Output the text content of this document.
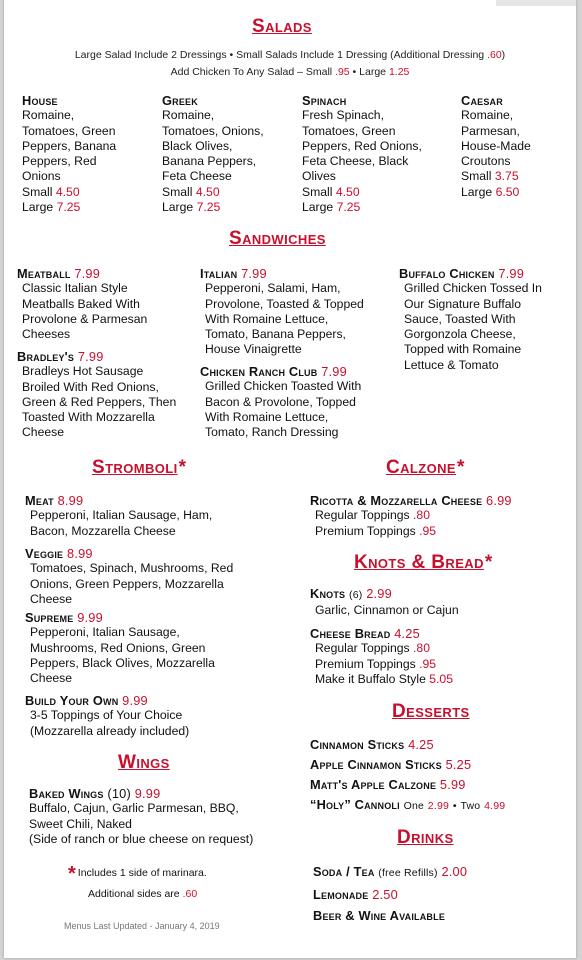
Salads
Large Salad Include 2 Dressings • Small Salads Include 1 Dressing (Additional Dressing .60)
Add Chicken To Any Salad – Small .95 • Large 1.25
House
Romaine,
Tomatoes, Green
Peppers, Banana
Peppers, Red
Onions
Small 4.50
Large 7.25
Greek
Romaine,
Tomatoes, Onions,
Black Olives,
Banana Peppers,
Feta Cheese
Small 4.50
Large 7.25
Spinach
Fresh Spinach,
Tomatoes, Green
Peppers, Red Onions,
Feta Cheese, Black
Olives
Small 4.50
Large 7.25
Caesar
Romaine,
Parmesan,
House-Made
Croutons
Small 3.75
Large 6.50
Sandwiches
Meatball 7.99
Classic Italian Style
Meatballs Baked With
Provolone & Parmesan
Cheeses
Bradley's 7.99
Bradleys Hot Sausage
Broiled With Red Onions,
Green & Red Peppers, Then
Toasted With Mozzarella
Cheese
Italian 7.99
Pepperoni, Salami, Ham,
Provolone, Toasted & Topped
With Romaine Lettuce,
Tomato, Banana Peppers,
House Vinaigrette
Chicken Ranch Club 7.99
Grilled Chicken Toasted With
Bacon & Provolone, Topped
With Romaine Lettuce,
Tomato, Ranch Dressing
Buffalo Chicken 7.99
Grilled Chicken Tossed In
Our Signature Buffalo
Sauce, Toasted With
Gorgonzola Cheese,
Topped with Romaine
Lettuce & Tomato
Stromboli*
Meat 8.99
Pepperoni, Italian Sausage, Ham,
Bacon, Mozzarella Cheese
Veggie 8.99
Tomatoes, Spinach, Mushrooms, Red
Onions, Green Peppers, Mozzarella
Cheese
Supreme 9.99
Pepperoni, Italian Sausage,
Mushrooms, Red Onions, Green
Peppers, Black Olives, Mozzarella
Cheese
Build Your Own 9.99
3-5 Toppings of Your Choice
(Mozzarella already included)
Wings
Baked Wings (10) 9.99
Buffalo, Cajun, Garlic Parmesan, BBQ,
Sweet Chili, Naked
(Side of ranch or blue cheese on request)
* Includes 1 side of marinara.
Additional sides are .60
Menus Last Updated - January 4, 2019
Calzone*
Ricotta & Mozzarella Cheese 6.99
Regular Toppings .80
Premium Toppings .95
Knots & Bread*
Knots (6) 2.99
Garlic, Cinnamon or Cajun
Cheese Bread 4.25
Regular Toppings .80
Premium Toppings .95
Make it Buffalo Style 5.05
Desserts
Cinnamon Sticks 4.25
Apple Cinnamon Sticks 5.25
Matt's Apple Calzone 5.99
“Holy” Cannoli One 2.99 • Two 4.99
Drinks
Soda / Tea (free Refills) 2.00
Lemonade 2.50
Beer & Wine Available
